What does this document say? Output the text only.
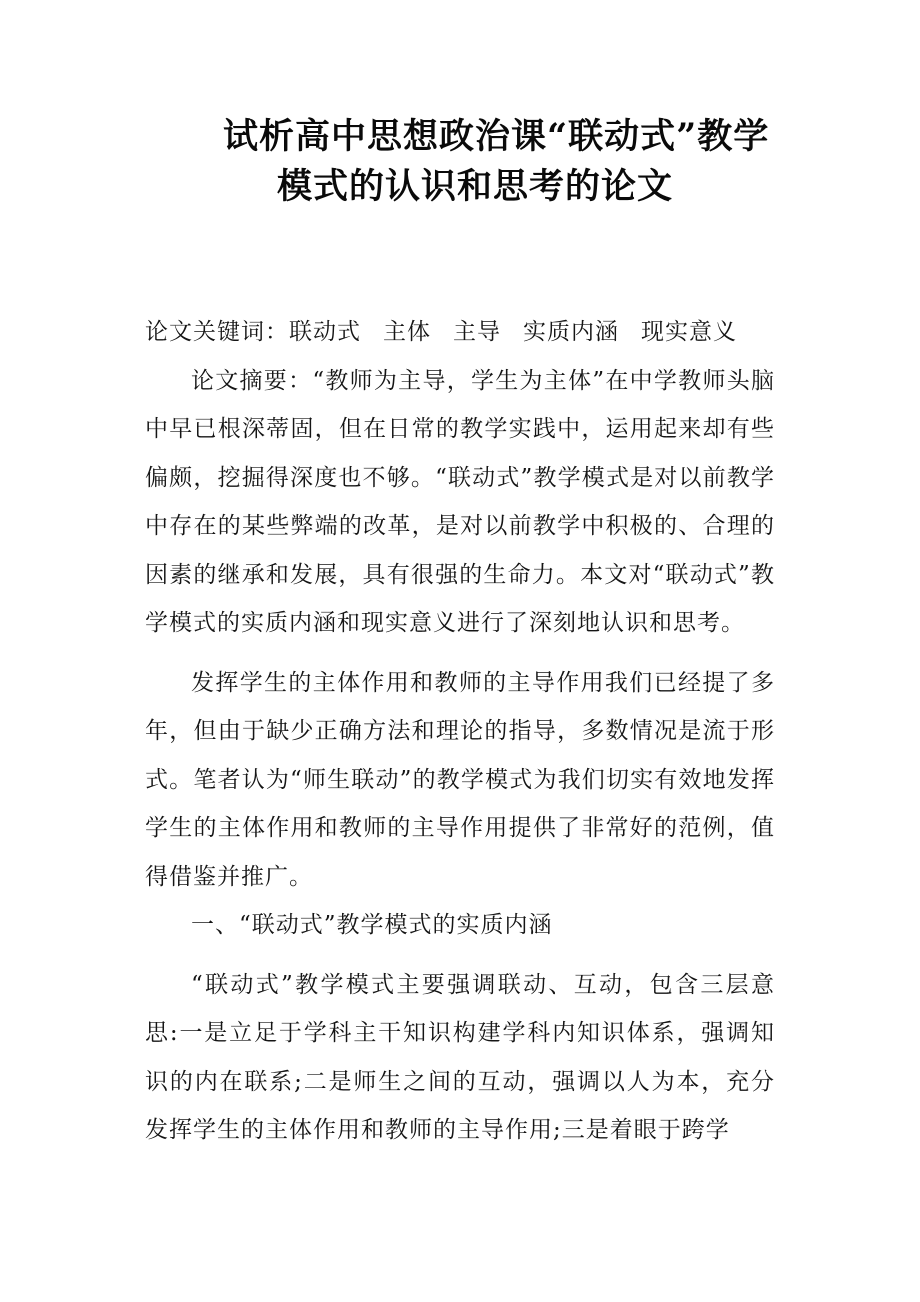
试析高中思想政治课“联动式”教学
模式的认识和思考的论文

论文关键词：联动式 主体 主导 实质内涵 现实意义

论文摘要：“教师为主导，学生为主体”在中学教师头脑中早已根深蒂固，但在日常的教学实践中，运用起来却有些偏颇，挖掘得深度也不够。“联动式”教学模式是对以前教学中存在的某些弊端的改革，是对以前教学中积极的、合理的因素的继承和发展，具有很强的生命力。本文对“联动式”教学模式的实质内涵和现实意义进行了深刻地认识和思考。

发挥学生的主体作用和教师的主导作用我们已经提了多年，但由于缺少正确方法和理论的指导，多数情况是流于形式。笔者认为“师生联动”的教学模式为我们切实有效地发挥学生的主体作用和教师的主导作用提供了非常好的范例，值得借鉴并推广。

一、“联动式”教学模式的实质内涵

“联动式”教学模式主要强调联动、互动，包含三层意思:一是立足于学科主干知识构建学科内知识体系，强调知识的内在联系;二是师生之间的互动，强调以人为本，充分发挥学生的主体作用和教师的主导作用;三是着眼于跨学
